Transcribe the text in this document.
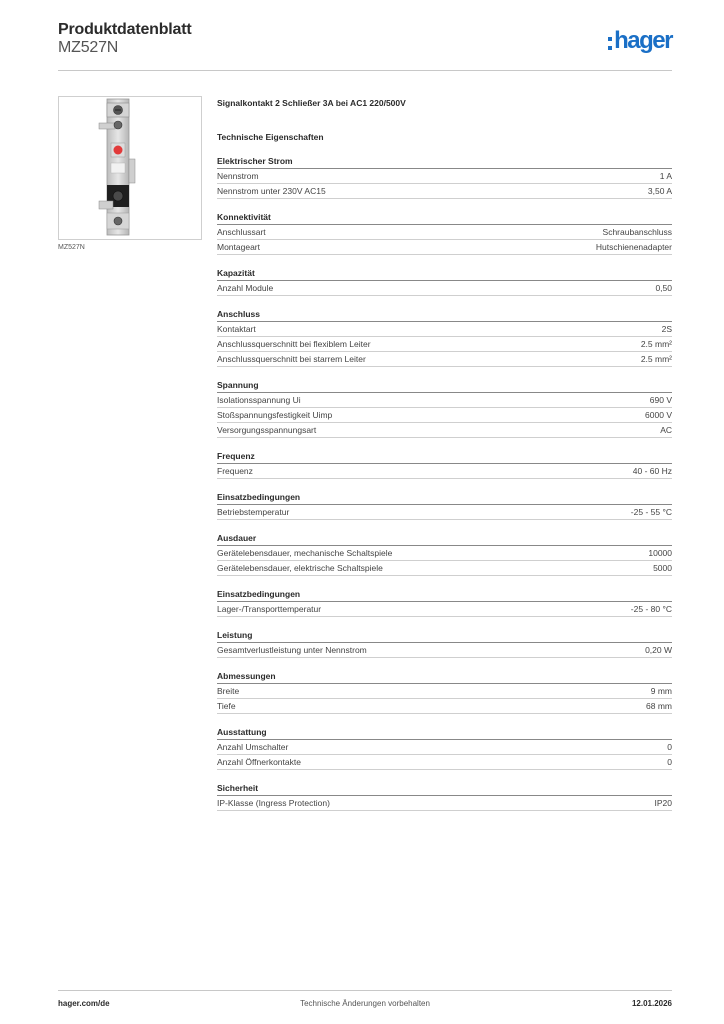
Produktdatenblatt
MZ527N	hager
MZ527N
Signalkontakt 2 Schließer 3A bei AC1 220/500V
Technische Eigenschaften
Elektrischer Strom
Nennstrom	1 A
Nennstrom unter 230V AC15	3,50 A
Konnektivität
Anschlussart	Schraubanschluss
Montageart	Hutschienenadapter
Kapazität
Anzahl Module	0,50
Anschluss
Kontaktart	2S
Anschlussquerschnitt bei flexiblem Leiter	2.5 mm²
Anschlussquerschnitt bei starrem Leiter	2.5 mm²
Spannung
Isolationsspannung Ui	690 V
Stoßspannungsfestigkeit Uimp	6000 V
Versorgungsspannungsart	AC
Frequenz
Frequenz	40 - 60 Hz
Einsatzbedingungen
Betriebstemperatur	-25 - 55 °C
Ausdauer
Gerätelebensdauer, mechanische Schaltspiele	10000
Gerätelebensdauer, elektrische Schaltspiele	5000
Einsatzbedingungen
Lager-/Transporttemperatur	-25 - 80 °C
Leistung
Gesamtverlustleistung unter Nennstrom	0,20 W
Abmessungen
Breite	9 mm
Tiefe	68 mm
Ausstattung
Anzahl Umschalter	0
Anzahl Öffnerkontakte	0
Sicherheit
IP-Klasse (Ingress Protection)	IP20
hager.com/de	Technische Änderungen vorbehalten	12.01.2026
